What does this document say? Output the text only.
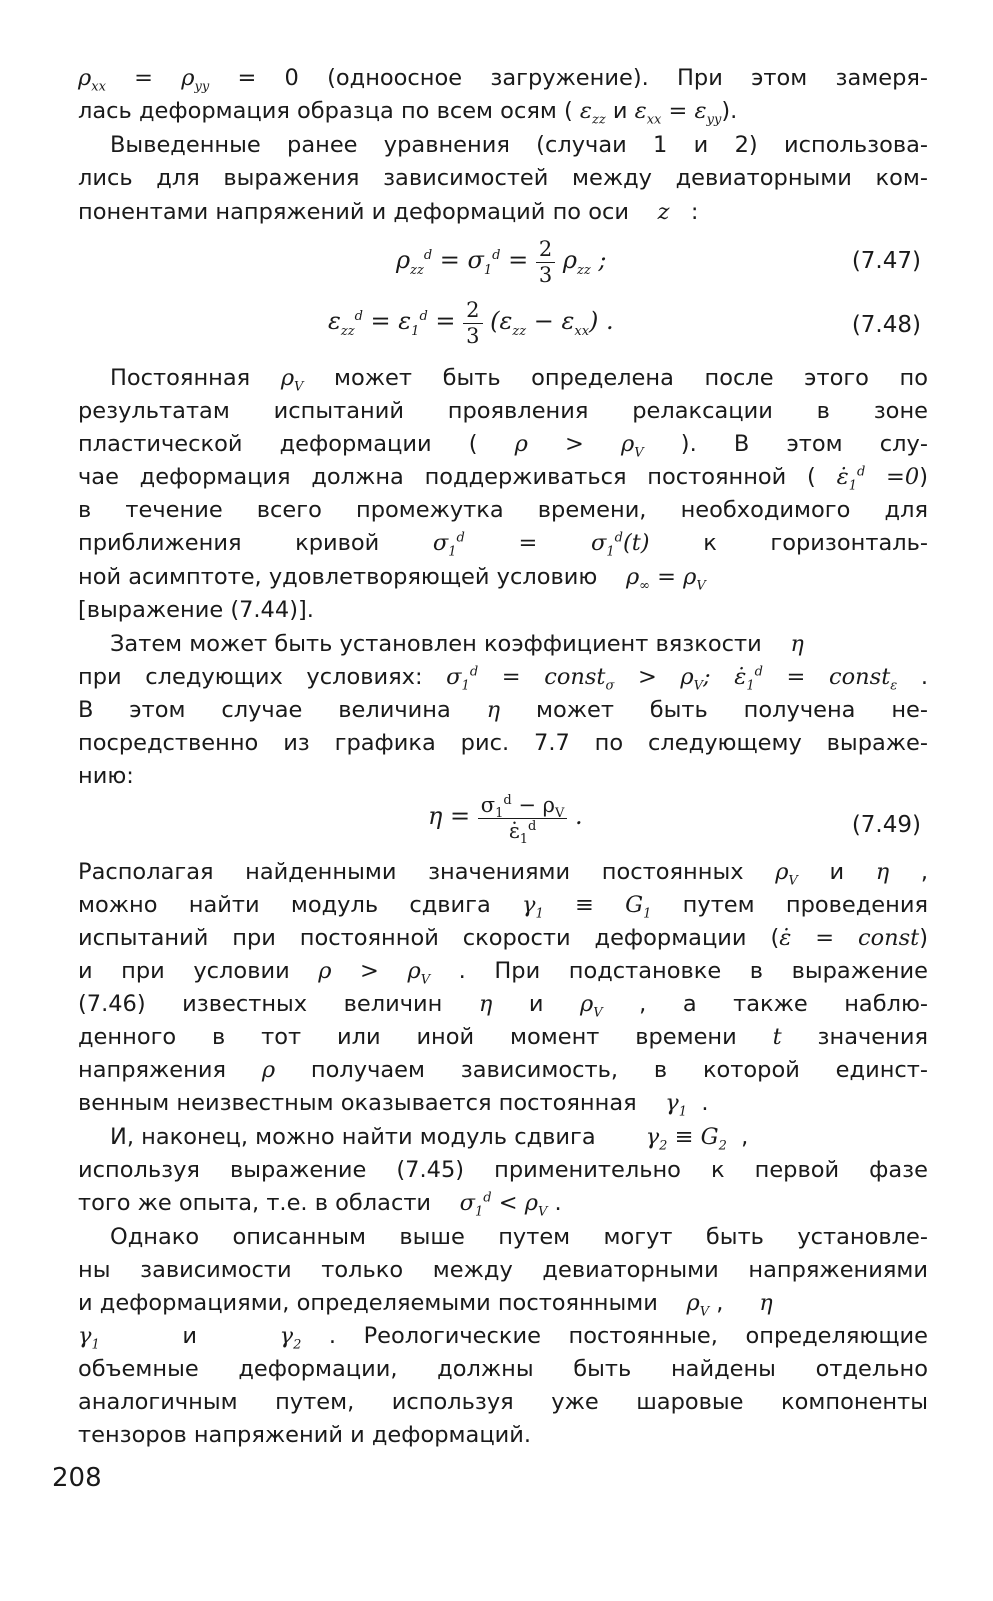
$\rho_{xx} = \rho_{yy} = 0$ (одноосное загружение). При этом замеря-
лась деформация образца по всем осям ( $\varepsilon_{zz}$ и $\varepsilon_{xx} = \varepsilon_{yy}$).
Выведенные ранее уравнения (случаи 1 и 2) использова-
лись для выражения зависимостей между девиаторными ком-
понентами напряжений и деформаций по оси z   :
$\rho_{zz}^d = \sigma_1^d = \frac{2}{3} \rho_{zz}$ ;	(7.47)
$\varepsilon_{zz}^d = \varepsilon_1^d = \frac{2}{3} (\varepsilon_{zz} - \varepsilon_{xx})$ .	(7.48)
Постоянная $\rho_V$ может быть определена после этого по
результатам испытаний проявления релаксации в зоне
пластической деформации ( $\rho > \rho_V$ ). В этом слу-
чае деформация должна поддерживаться постоянной ( $\varepsiloṅ_1^d =0$)
в течение всего промежутка времени, необходимого для
приближения кривой $\sigma_1^d = \sigma_1^d(t)$ к горизонталь-
ной асимптоте, удовлетворяющей условию $\rho_\infty = \rho_V$
[выражение (7.44)].
Затем может быть установлен коэффициент вязкости η
при следующих условиях: $\sigma_1^d$ = const$_\sigma$ > $\rho_V$; $\varepsiloṅ_1^d$ = const$_\varepsilon$ .
В этом случае величина η может быть получена не-
посредственно из графика рис. 7.7 по следующему выраже-
нию:
$\eta = \frac{\sigma_1^d - \rho_V}{\varepsiloṅ_1^d}$ .	(7.49)
Располагая найденными значениями постоянных $\rho_V$ и η ,
можно найти модуль сдвига $\gamma_1 \equiv G_1$ путем проведения
испытаний при постоянной скорости деформации (ε̇ = const)
и при условии $\rho > \rho_V$ . При подстановке в выражение
(7.46) известных величин η и $\rho_V$ , а также наблю-
денного в тот или иной момент времени t значения
напряжения ρ получаем зависимость, в которой единст-
венным неизвестным оказывается постоянная $\gamma_1$  .
И, наконец, можно найти модуль сдвига $\gamma_2 \equiv G_2$  ,
используя выражение (7.45) применительно к первой фазе
того же опыта, т.е. в области $\sigma_1^d < \rho_V$ .
Однако описанным выше путем могут быть установле-
ны зависимости только между девиаторными напряжениями
и деформациями, определяемыми постоянными $\rho_V$ ,     η
$\gamma_1$	и	$\gamma_2$ . Реологические постоянные, определяющие
объемные деформации, должны быть найдены отдельно
аналогичным путем, используя уже шаровые компоненты
тензоров напряжений и деформаций.
208
